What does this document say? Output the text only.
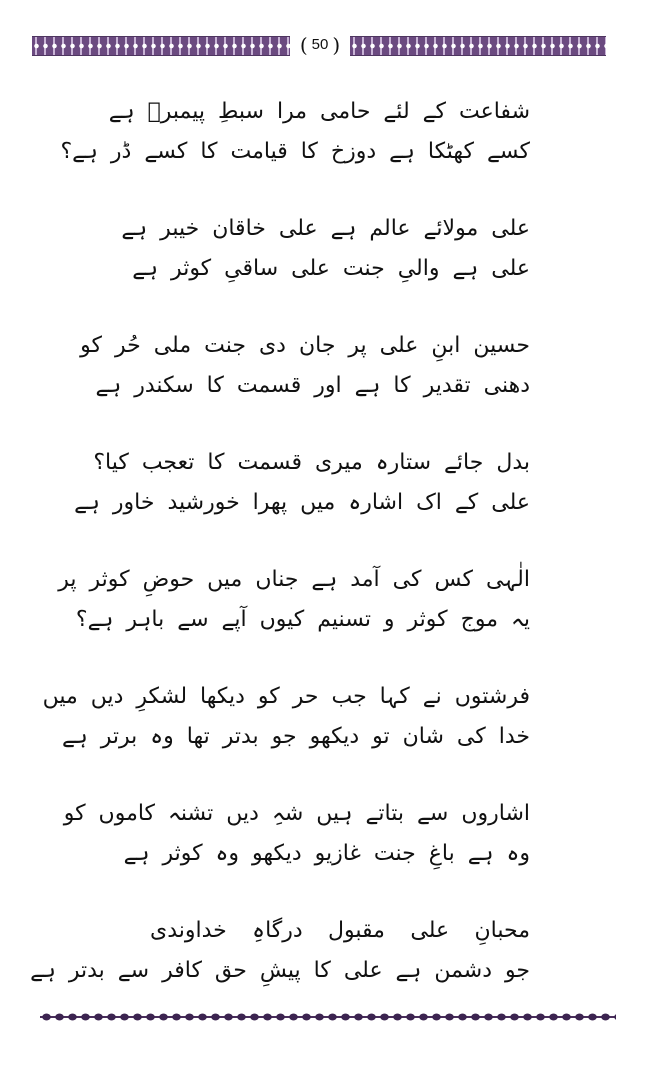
( 50 )
شفاعت کے لئے حامی مرا سبطِ پیمبرؐ ہے
کسے کھٹکا ہے دوزخ کا قیامت کا کسے ڈر ہے؟
علی مولائے عالم ہے علی خاقان خیبر ہے
علی ہے والیِ جنت علی ساقیِ کوثر ہے
حسین ابنِ علی پر جان دی جنت ملی حُر کو
دھنی تقدیر کا ہے اور قسمت کا سکندر ہے
بدل جائے ستارہ میری قسمت کا تعجب کیا؟
علی کے اک اشارہ میں پھرا خورشید خاور ہے
الٰہی کس کی آمد ہے جناں میں حوضِ کوثر پر
یہ موج کوثر و تسنیم کیوں آپے سے باہر ہے؟
فرشتوں نے کہا جب حر کو دیکھا لشکرِ دیں میں
خدا کی شان تو دیکھو جو بدتر تھا وہ برتر ہے
اشاروں سے بتاتے ہیں شہِ دیں تشنہ کاموں کو
وہ ہے باغِ جنت غازیو دیکھو وہ کوثر ہے
محبانِ علی مقبول درگاہِ خداوندی
جو دشمن ہے علی کا پیشِ حق کافر سے بدتر ہے
